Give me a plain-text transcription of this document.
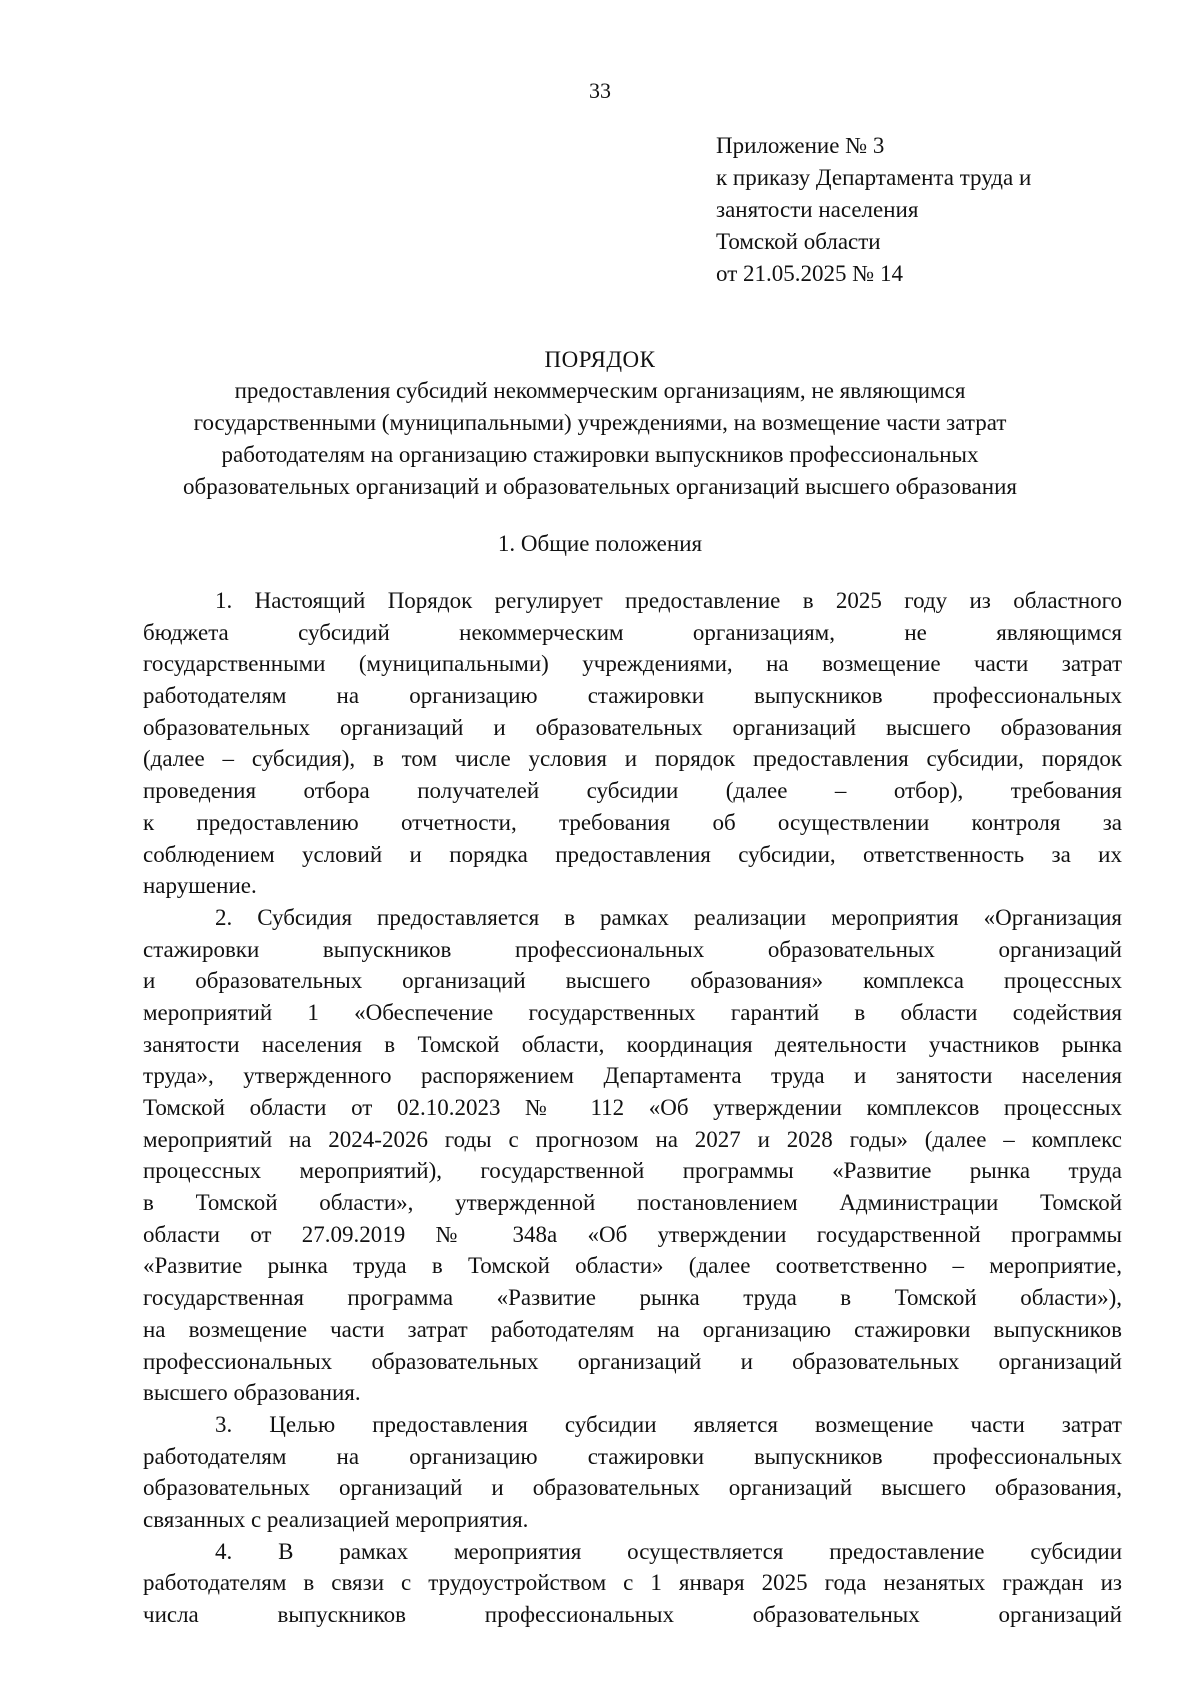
33
Приложение № 3
к приказу Департамента труда и
занятости населения
Томской области
от 21.05.2025 № 14
ПОРЯДОК
предоставления субсидий некоммерческим организациям, не являющимся
государственными (муниципальными) учреждениями, на возмещение части затрат
работодателям на организацию стажировки выпускников профессиональных
образовательных организаций и образовательных организаций высшего образования
1. Общие положения
1. Настоящий Порядок регулирует предоставление в 2025 году из областного
бюджета субсидий некоммерческим организациям, не являющимся
государственными (муниципальными) учреждениями, на возмещение части затрат
работодателям на организацию стажировки выпускников профессиональных
образовательных организаций и образовательных организаций высшего образования
(далее – субсидия), в том числе условия и порядок предоставления субсидии, порядок
проведения отбора получателей субсидии (далее – отбор), требования
к предоставлению отчетности, требования об осуществлении контроля за
соблюдением условий и порядка предоставления субсидии, ответственность за их
нарушение.
2. Субсидия предоставляется в рамках реализации мероприятия «Организация
стажировки выпускников профессиональных образовательных организаций
и образовательных организаций высшего образования» комплекса процессных
мероприятий 1 «Обеспечение государственных гарантий в области содействия
занятости населения в Томской области, координация деятельности участников рынка
труда», утвержденного распоряжением Департамента труда и занятости населения
Томской области от 02.10.2023 № 112 «Об утверждении комплексов процессных
мероприятий на 2024-2026 годы с прогнозом на 2027 и 2028 годы» (далее – комплекс
процессных мероприятий), государственной программы «Развитие рынка труда
в Томской области», утвержденной постановлением Администрации Томской
области от 27.09.2019 № 348а «Об утверждении государственной программы
«Развитие рынка труда в Томской области» (далее соответственно – мероприятие,
государственная программа «Развитие рынка труда в Томской области»),
на возмещение части затрат работодателям на организацию стажировки выпускников
профессиональных образовательных организаций и образовательных организаций
высшего образования.
3. Целью предоставления субсидии является возмещение части затрат
работодателям на организацию стажировки выпускников профессиональных
образовательных организаций и образовательных организаций высшего образования,
связанных с реализацией мероприятия.
4. В рамках мероприятия осуществляется предоставление субсидии
работодателям в связи с трудоустройством с 1 января 2025 года незанятых граждан из
числа выпускников профессиональных образовательных организаций
